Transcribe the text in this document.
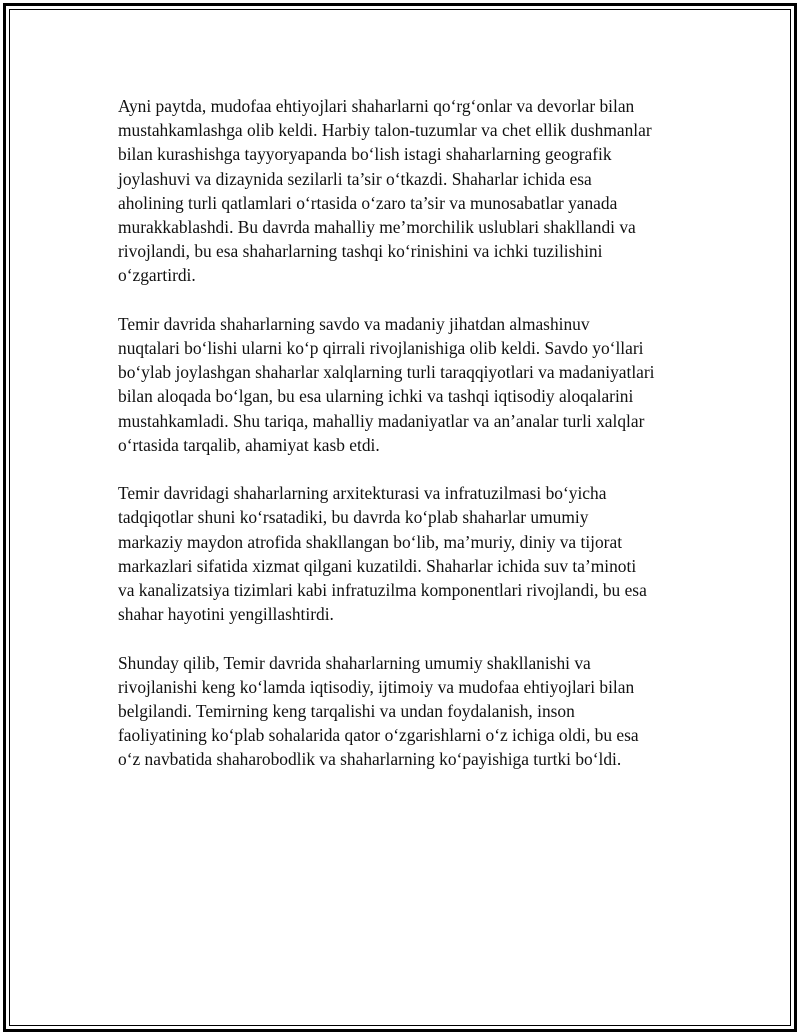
Ayni paytda, mudofaa ehtiyojlari shaharlarni qo‘rg‘onlar va devorlar bilan
mustahkamlashga olib keldi. Harbiy talon-tuzumlar va chet ellik dushmanlar
bilan kurashishga tayyoryapanda bo‘lish istagi shaharlarning geografik
joylashuvi va dizaynida sezilarli ta’sir o‘tkazdi. Shaharlar ichida esa
aholining turli qatlamlari o‘rtasida o‘zaro ta’sir va munosabatlar yanada
murakkablashdi. Bu davrda mahalliy me’morchilik uslublari shakllandi va
rivojlandi, bu esa shaharlarning tashqi ko‘rinishini va ichki tuzilishini
o‘zgartirdi.

Temir davrida shaharlarning savdo va madaniy jihatdan almashinuv
nuqtalari bo‘lishi ularni ko‘p qirrali rivojlanishiga olib keldi. Savdo yo‘llari
bo‘ylab joylashgan shaharlar xalqlarning turli taraqqiyotlari va madaniyatlari
bilan aloqada bo‘lgan, bu esa ularning ichki va tashqi iqtisodiy aloqalarini
mustahkamladi. Shu tariqa, mahalliy madaniyatlar va an’analar turli xalqlar
o‘rtasida tarqalib, ahamiyat kasb etdi.

Temir davridagi shaharlarning arxitekturasi va infratuzilmasi bo‘yicha
tadqiqotlar shuni ko‘rsatadiki, bu davrda ko‘plab shaharlar umumiy
markaziy maydon atrofida shakllangan bo‘lib, ma’muriy, diniy va tijorat
markazlari sifatida xizmat qilgani kuzatildi. Shaharlar ichida suv ta’minoti
va kanalizatsiya tizimlari kabi infratuzilma komponentlari rivojlandi, bu esa
shahar hayotini yengillashtirdi.

Shunday qilib, Temir davrida shaharlarning umumiy shakllanishi va
rivojlanishi keng ko‘lamda iqtisodiy, ijtimoiy va mudofaa ehtiyojlari bilan
belgilandi. Temirning keng tarqalishi va undan foydalanish, inson
faoliyatining ko‘plab sohalarida qator o‘zgarishlarni o‘z ichiga oldi, bu esa
o‘z navbatida shaharobodlik va shaharlarning ko‘payishiga turtki bo‘ldi.
